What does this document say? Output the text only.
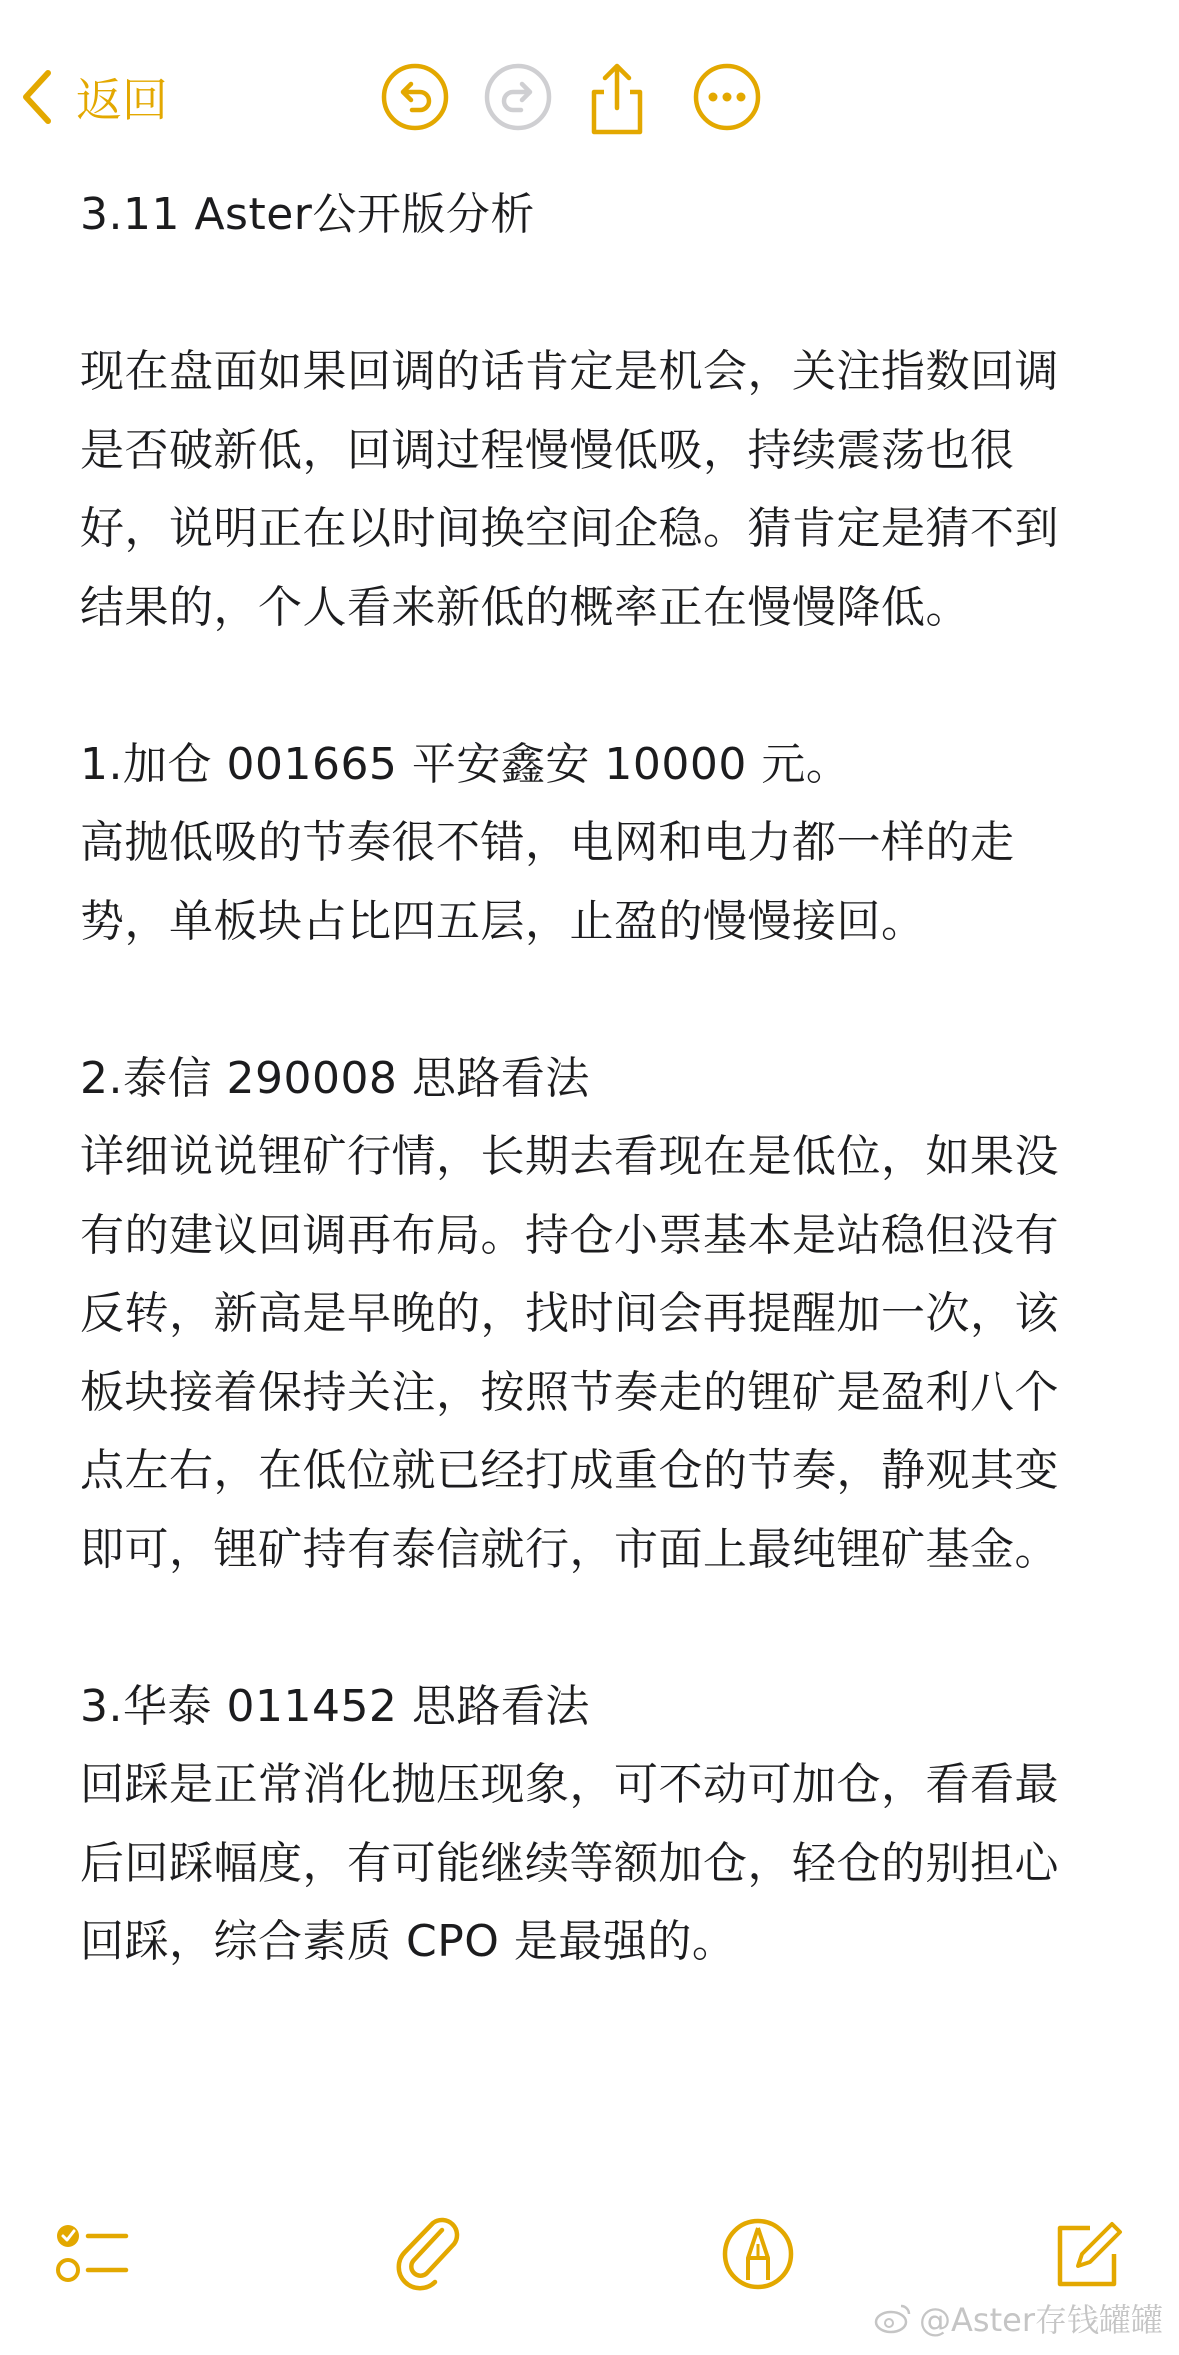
返回

3.11 Aster公开版分析

现在盘面如果回调的话肯定是机会，关注指数回调是否破新低，回调过程慢慢低吸，持续震荡也很好，说明正在以时间换空间企稳。猜肯定是猜不到结果的，个人看来新低的概率正在慢慢降低。

1.加仓 001665 平安鑫安 10000 元。

高抛低吸的节奏很不错，电网和电力都一样的走势，单板块占比四五层，止盈的慢慢接回。

2.泰信 290008 思路看法

详细说说锂矿行情，长期去看现在是低位，如果没有的建议回调再布局。持仓小票基本是站稳但没有反转，新高是早晚的，找时间会再提醒加一次，该板块接着保持关注，按照节奏走的锂矿是盈利八个点左右，在低位就已经打成重仓的节奏，静观其变即可，锂矿持有泰信就行，市面上最纯锂矿基金。

3.华泰 011452 思路看法

回踩是正常消化抛压现象，可不动可加仓，看看最后回踩幅度，有可能继续等额加仓，轻仓的别担心回踩，综合素质 CPO 是最强的。

@Aster存钱罐罐
